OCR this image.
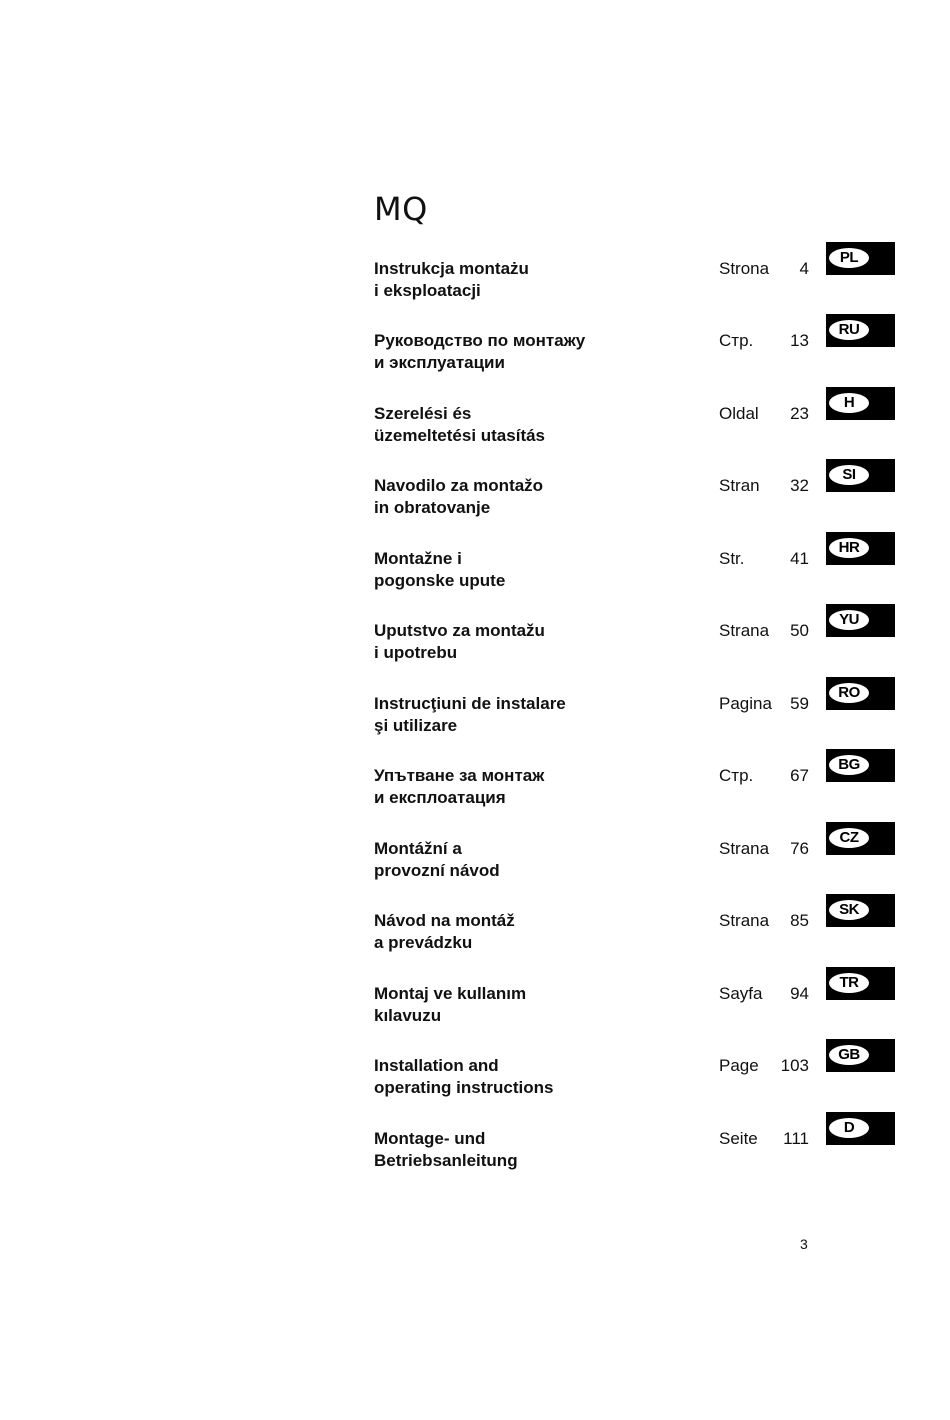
MQ

Instrukcja montażu
i eksploatacji

Strona 4
PL

Руководство по монтажу
и эксплуатации

Стр. 13
RU

Szerelési és
üzemeltetési utasítás

Oldal 23
H

Navodilo za montažo
in obratovanje

Stran 32
SI

Montažne i
pogonske upute

Str.	41
HR

Uputstvo za montažu
i upotrebu

Strana 50
YU

Instrucţiuni de instalare
şi utilizare

Pagina 59
RO

Упътване за монтаж
и експлоатация

Стр. 67
BG

Montážní a
provozní návod

Strana 76
CZ

Návod na montáž
a prevádzku

Strana 85
SK

Montaj ve kullanım
kılavuzu

Sayfa 94
TR

Installation and
operating instructions

Page 103
GB

Montage- und
Betriebsanleitung

Seite 111
D
3
